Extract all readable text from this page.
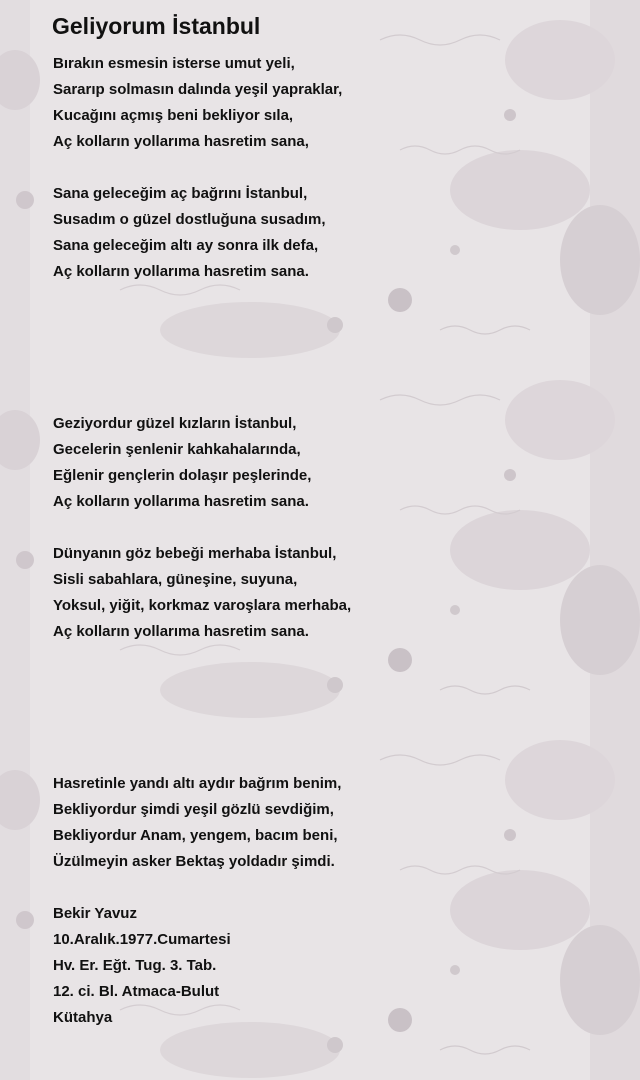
Geliyorum İstanbul
Bırakın esmesin isterse umut yeli,
Sararıp solmasın dalında yeşil yapraklar,
Kucağını açmış beni bekliyor sıla,
Aç kolların yollarıma hasretim sana,
Sana geleceğim aç bağrını İstanbul,
Susadım o güzel dostluğuna susadım,
Sana geleceğim altı ay sonra ilk defa,
Aç kolların yollarıma hasretim sana.
Geziyordur güzel kızların İstanbul,
Gecelerin şenlenir kahkahalarında,
Eğlenir gençlerin dolaşır peşlerinde,
Aç kolların yollarıma hasretim sana.
Dünyanın göz bebeği merhaba İstanbul,
Sisli sabahlara, güneşine, suyuna,
Yoksul, yiğit, korkmaz varoşlara merhaba,
Aç kolların yollarıma hasretim sana.
Hasretinle yandı altı aydır bağrım benim,
Bekliyordur şimdi yeşil gözlü sevdiğim,
Bekliyordur Anam, yengem, bacım beni,
Üzülmeyin asker Bektaş yoldadır şimdi.
Bekir Yavuz
10.Aralık.1977.Cumartesi
Hv. Er. Eğt. Tug. 3. Tab.
12. ci. Bl. Atmaca-Bulut
Kütahya
